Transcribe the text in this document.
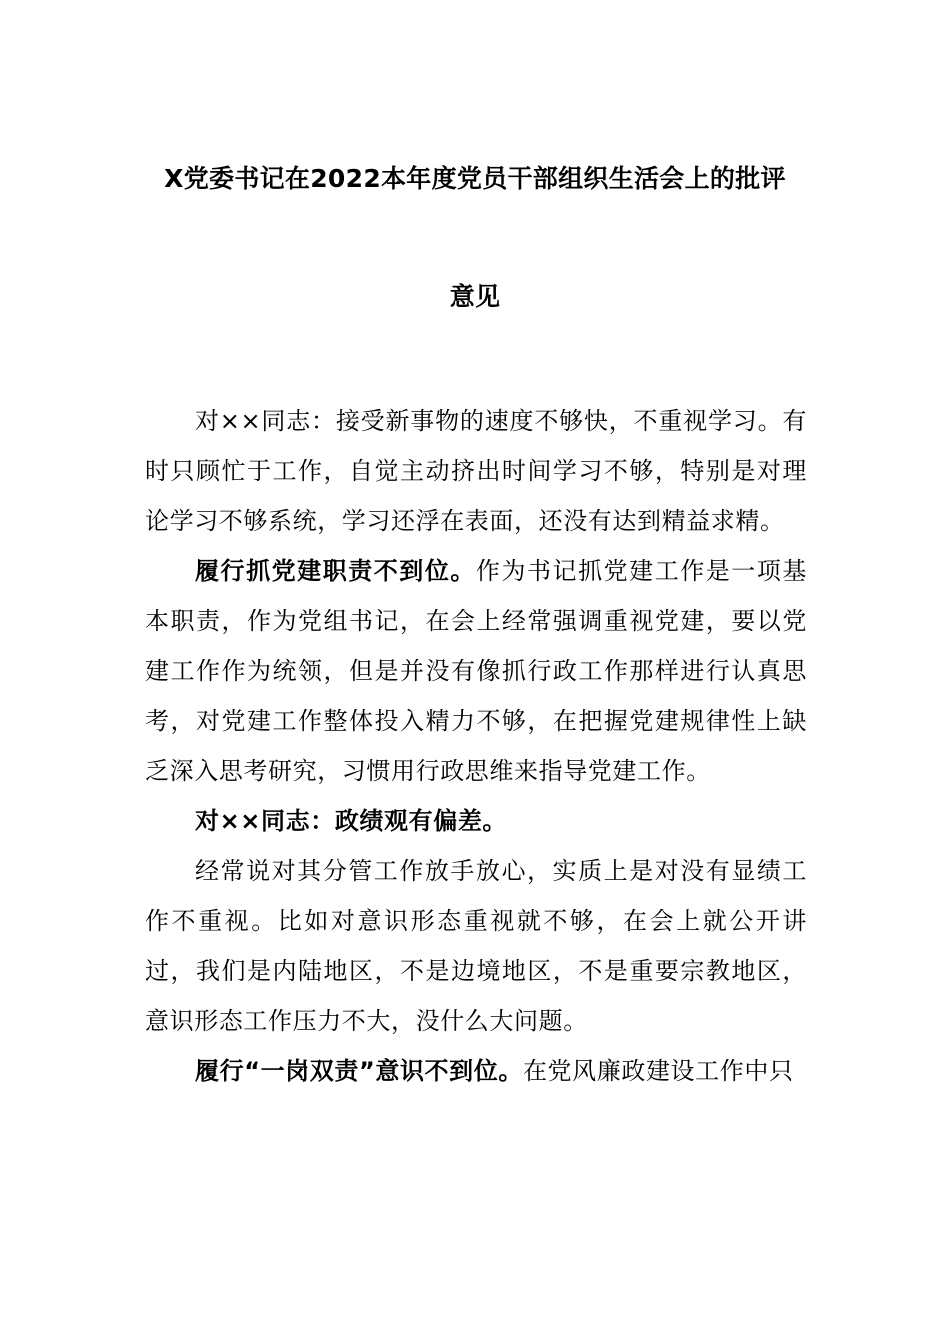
X党委书记在2022本年度党员干部组织生活会上的批评
意见

对××同志：接受新事物的速度不够快，不重视学习。有时只顾忙于工作，自觉主动挤出时间学习不够，特别是对理论学习不够系统，学习还浮在表面，还没有达到精益求精。

履行抓党建职责不到位。作为书记抓党建工作是一项基本职责，作为党组书记，在会上经常强调重视党建，要以党建工作作为统领，但是并没有像抓行政工作那样进行认真思考，对党建工作整体投入精力不够，在把握党建规律性上缺乏深入思考研究，习惯用行政思维来指导党建工作。

对××同志：政绩观有偏差。

经常说对其分管工作放手放心，实质上是对没有显绩工作不重视。比如对意识形态重视就不够，在会上就公开讲过，我们是内陆地区，不是边境地区，不是重要宗教地区，意识形态工作压力不大，没什么大问题。

履行“一岗双责”意识不到位。在党风廉政建设工作中只
